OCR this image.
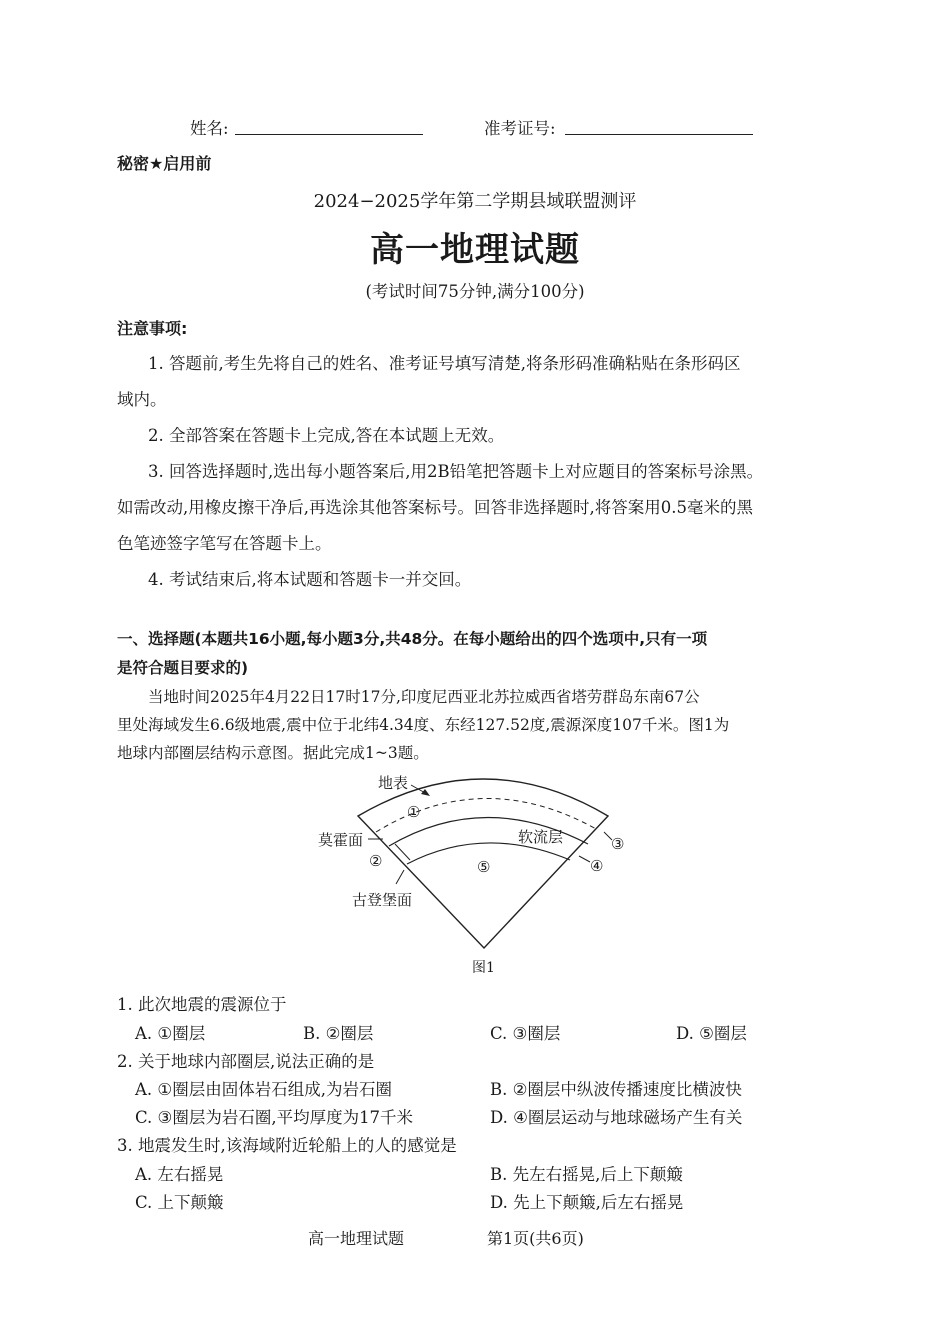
姓名:	准考证号:
秘密★启用前
2024−2025学年第二学期县域联盟测评
高一地理试题
(考试时间75分钟,满分100分)
注意事项:
1. 答题前,考生先将自己的姓名、准考证号填写清楚,将条形码准确粘贴在条形码区
域内。
2. 全部答案在答题卡上完成,答在本试题上无效。
3. 回答选择题时,选出每小题答案后,用2B铅笔把答题卡上对应题目的答案标号涂黑。
如需改动,用橡皮擦干净后,再选涂其他答案标号。回答非选择题时,将答案用0.5毫米的黑
色笔迹签字笔写在答题卡上。
4. 考试结束后,将本试题和答题卡一并交回。
一、选择题(本题共16小题,每小题3分,共48分。在每小题给出的四个选项中,只有一项
是符合题目要求的)
当地时间2025年4月22日17时17分,印度尼西亚北苏拉威西省塔劳群岛东南67公
里处海域发生6.6级地震,震中位于北纬4.34度、东经127.52度,震源深度107千米。图1为
地球内部圈层结构示意图。据此完成1~3题。
地表
莫霍面	软流层
古登堡面
①
②
③
④
⑤
图1
1. 此次地震的震源位于
A. ①圈层	B. ②圈层	C. ③圈层	D. ⑤圈层
2. 关于地球内部圈层,说法正确的是
A. ①圈层由固体岩石组成,为岩石圈	B. ②圈层中纵波传播速度比横波快
C. ③圈层为岩石圈,平均厚度为17千米	D. ④圈层运动与地球磁场产生有关
3. 地震发生时,该海域附近轮船上的人的感觉是
A. 左右摇晃	B. 先左右摇晃,后上下颠簸
C. 上下颠簸	D. 先上下颠簸,后左右摇晃
高一地理试题	第1页(共6页)
